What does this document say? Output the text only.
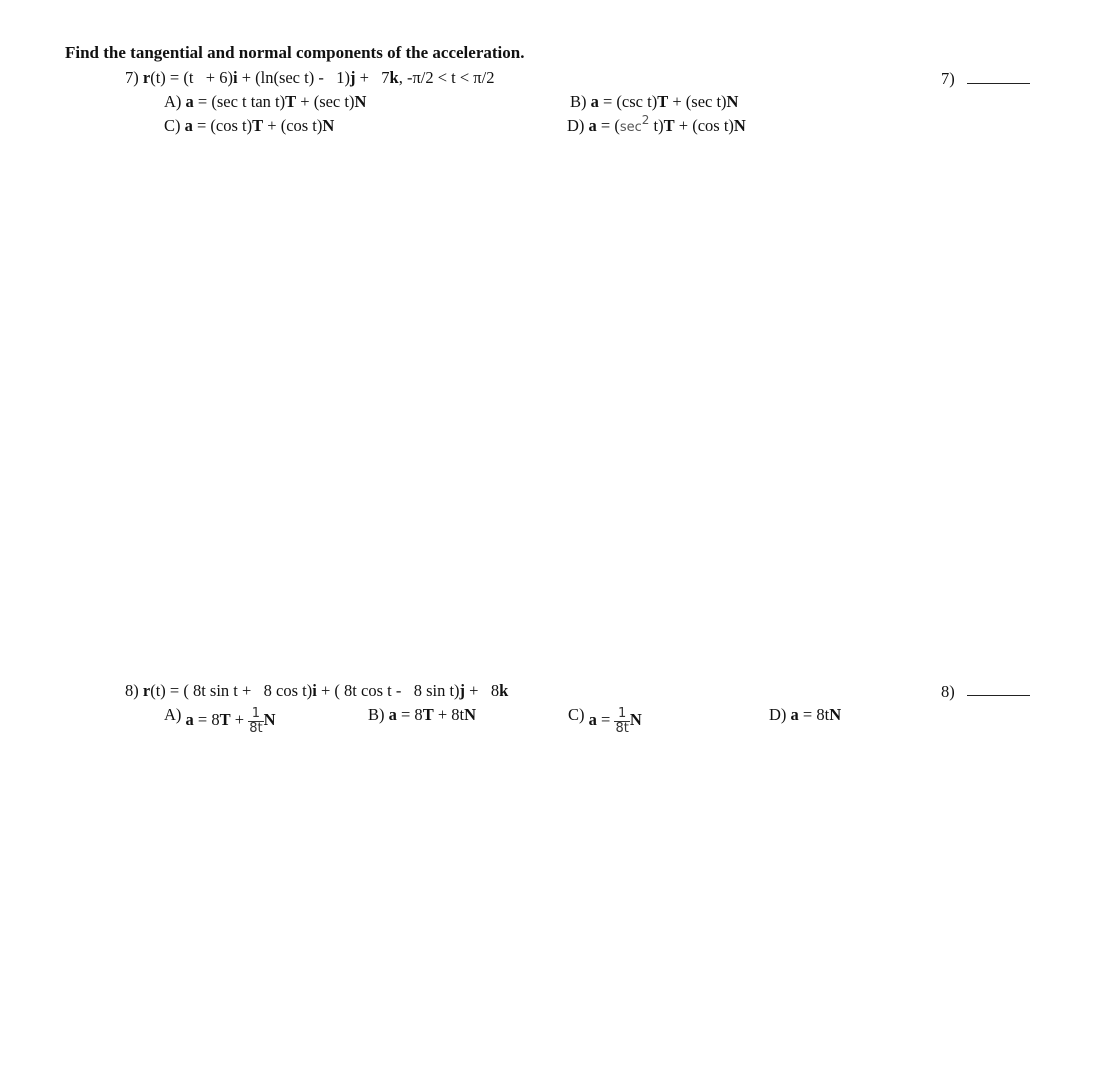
Find the tangential and normal components of the acceleration.
7) r(t) = (t   + 6)i + (ln(sec t) -   1)j +   7k, -π/2 < t < π/2	7)
A) a = (sec t tan t)T + (sec t)N	B) a = (csc t)T + (sec t)N
C) a = (cos t)T + (cos t)N	D) $a = (\sec^2$ t)T + (cos t)N
8) r(t) = ( 8t sin t +   8 cos t)i + ( 8t cos t -   8 sin t)j +   8k	8)
A) $a = 8T + \frac{1}{8t}$ N	B) a = 8T + 8tN	C) $a = \frac{1}{8t}$ N	D) a = 8tN
